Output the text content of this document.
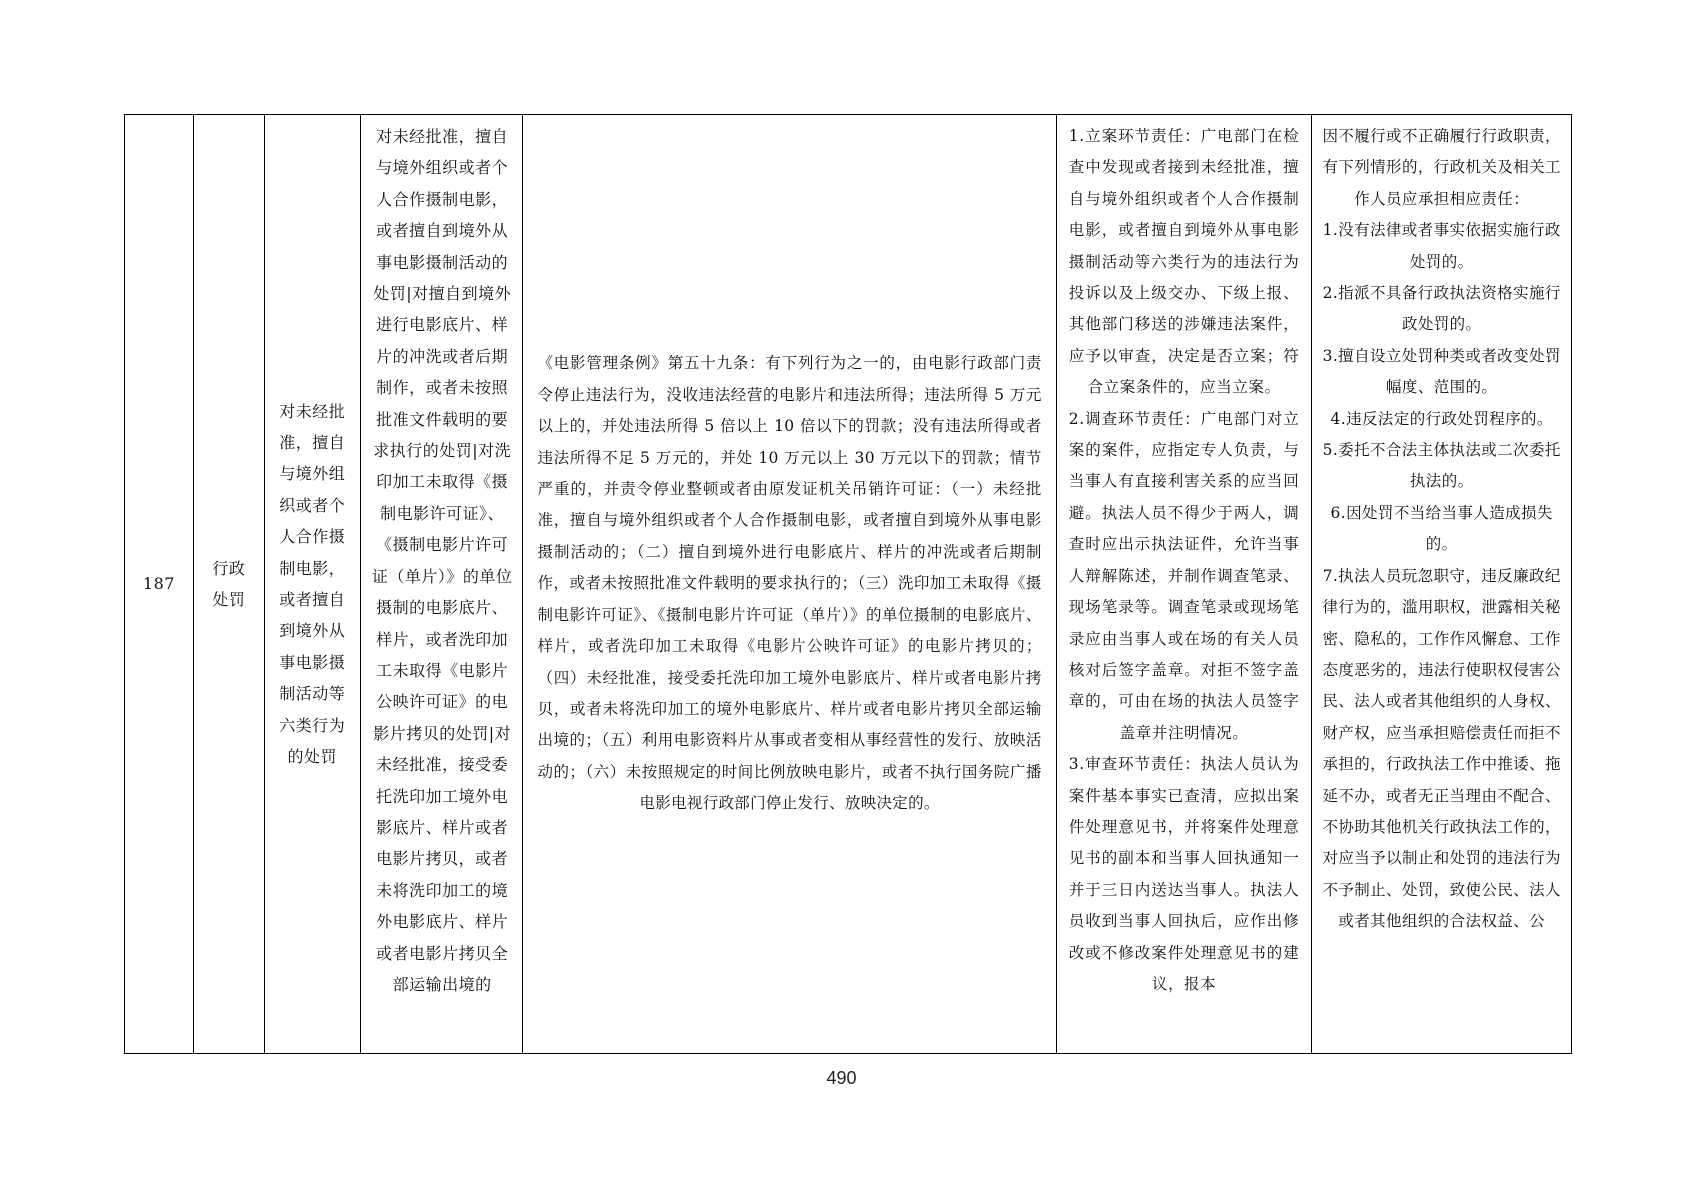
187
行政处罚
对未经批准，擅自与境外组织或者个人合作摄制电影，或者擅自到境外从事电影摄制活动等六类行为的处罚
对未经批准，擅自与境外组织或者个人合作摄制电影，或者擅自到境外从事电影摄制活动的处罚|对擅自到境外进行电影底片、样片的冲洗或者后期制作，或者未按照批准文件载明的要求执行的处罚|对洗印加工未取得《摄制电影许可证》、《摄制电影片许可证（单片）》的单位摄制的电影底片、样片，或者洗印加工未取得《电影片公映许可证》的电影片拷贝的处罚|对未经批准，接受委托洗印加工境外电影底片、样片或者电影片拷贝，或者未将洗印加工的境外电影底片、样片或者电影片拷贝全部运输出境的
《电影管理条例》第五十九条：有下列行为之一的，由电影行政部门责令停止违法行为，没收违法经营的电影片和违法所得；违法所得 5 万元以上的，并处违法所得 5 倍以上 10 倍以下的罚款；没有违法所得或者违法所得不足 5 万元的，并处 10 万元以上 30 万元以下的罚款；情节严重的，并责令停业整顿或者由原发证机关吊销许可证：（一）未经批准，擅自与境外组织或者个人合作摄制电影，或者擅自到境外从事电影摄制活动的；（二）擅自到境外进行电影底片、样片的冲洗或者后期制作，或者未按照批准文件载明的要求执行的；（三）洗印加工未取得《摄制电影许可证》、《摄制电影片许可证（单片）》的单位摄制的电影底片、样片，或者洗印加工未取得《电影片公映许可证》的电影片拷贝的；（四）未经批准，接受委托洗印加工境外电影底片、样片或者电影片拷贝，或者未将洗印加工的境外电影底片、样片或者电影片拷贝全部运输出境的；（五）利用电影资料片从事或者变相从事经营性的发行、放映活动的；（六）未按照规定的时间比例放映电影片，或者不执行国务院广播电影电视行政部门停止发行、放映决定的。
1.立案环节责任：广电部门在检查中发现或者接到未经批准，擅自与境外组织或者个人合作摄制电影，或者擅自到境外从事电影摄制活动等六类行为的违法行为投诉以及上级交办、下级上报、其他部门移送的涉嫌违法案件，应予以审查，决定是否立案；符合立案条件的，应当立案。
2.调查环节责任：广电部门对立案的案件，应指定专人负责，与当事人有直接利害关系的应当回避。执法人员不得少于两人，调查时应出示执法证件，允许当事人辩解陈述，并制作调查笔录、现场笔录等。调查笔录或现场笔录应由当事人或在场的有关人员核对后签字盖章。对拒不签字盖章的，可由在场的执法人员签字盖章并注明情况。
3.审查环节责任：执法人员认为案件基本事实已查清，应拟出案件处理意见书，并将案件处理意见书的副本和当事人回执通知一并于三日内送达当事人。执法人员收到当事人回执后，应作出修改或不修改案件处理意见书的建议，报本
因不履行或不正确履行行政职责，有下列情形的，行政机关及相关工作人员应承担相应责任：
1.没有法律或者事实依据实施行政处罚的。
2.指派不具备行政执法资格实施行政处罚的。
3.擅自设立处罚种类或者改变处罚幅度、范围的。
4.违反法定的行政处罚程序的。
5.委托不合法主体执法或二次委托执法的。
6.因处罚不当给当事人造成损失的。
7.执法人员玩忽职守，违反廉政纪律行为的，滥用职权，泄露相关秘密、隐私的，工作作风懈怠、工作态度恶劣的，违法行使职权侵害公民、法人或者其他组织的人身权、财产权，应当承担赔偿责任而拒不承担的，行政执法工作中推诿、拖延不办，或者无正当理由不配合、不协助其他机关行政执法工作的，对应当予以制止和处罚的违法行为不予制止、处罚，致使公民、法人或者其他组织的合法权益、公
490
